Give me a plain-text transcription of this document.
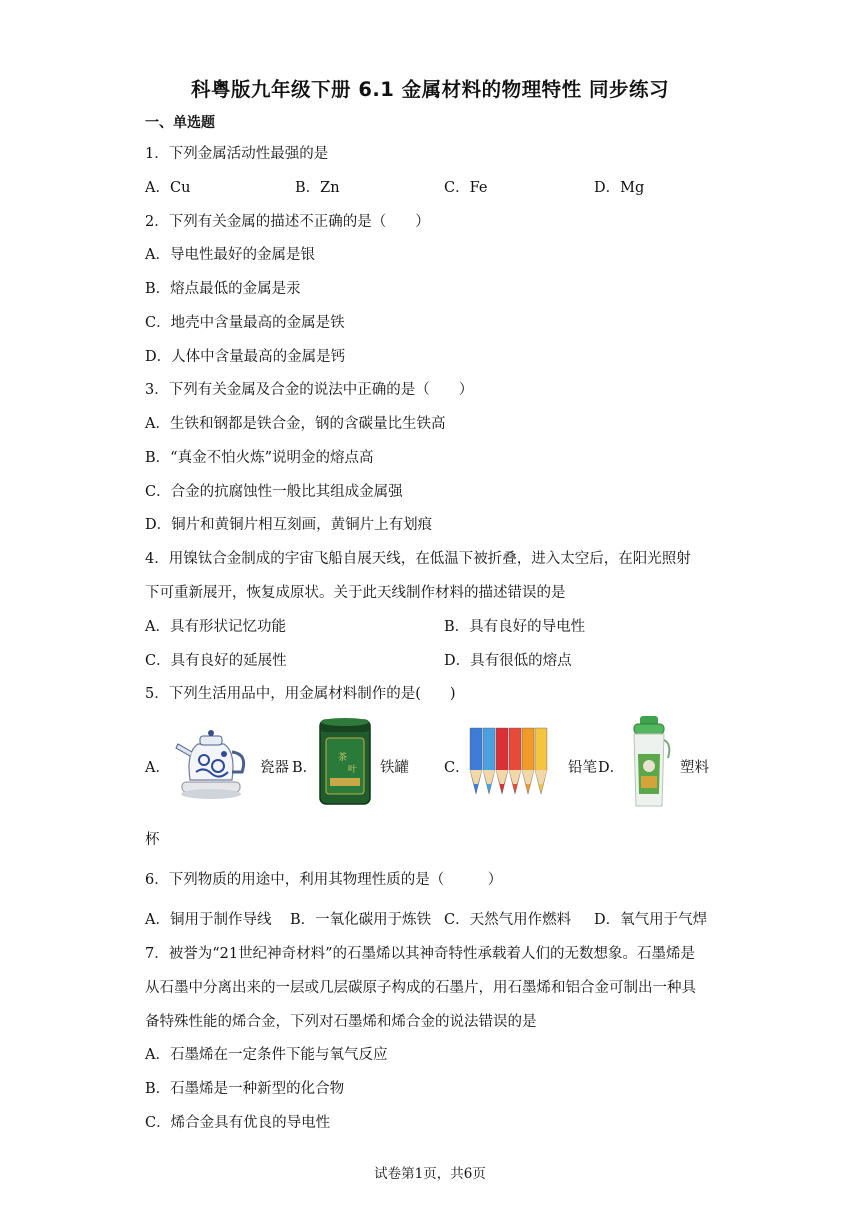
科粤版九年级下册 6.1 金属材料的物理特性 同步练习
一、单选题
1．下列金属活动性最强的是
A．Cu	B．Zn	C．Fe	D．Mg
2．下列有关金属的描述不正确的是（　　）
A．导电性最好的金属是银
B．熔点最低的金属是汞
C．地壳中含量最高的金属是铁
D．人体中含量最高的金属是钙
3．下列有关金属及合金的说法中正确的是（　　）
A．生铁和钢都是铁合金，钢的含碳量比生铁高
B．“真金不怕火炼”说明金的熔点高
C．合金的抗腐蚀性一般比其组成金属强
D．铜片和黄铜片相互刻画，黄铜片上有划痕
4．用镍钛合金制成的宇宙飞船自展天线，在低温下被折叠，进入太空后，在阳光照射
下可重新展开，恢复成原状。关于此天线制作材料的描述错误的是
A．具有形状记忆功能	B．具有良好的导电性
C．具有良好的延展性	D．具有很低的熔点
5．下列生活用品中，用金属材料制作的是(　　)
A．	瓷器 B．
茶
叶 铁罐 C．	铅笔 D．	塑料
杯
6．下列物质的用途中，利用其物理性质的是（　　　）
A．铜用于制作导线 B．一氧化碳用于炼铁 C．天然气用作燃料 D．氧气用于气焊
7．被誉为“21世纪神奇材料”的石墨烯以其神奇特性承载着人们的无数想象。石墨烯是
从石墨中分离出来的一层或几层碳原子构成的石墨片，用石墨烯和铝合金可制出一种具
备特殊性能的烯合金，下列对石墨烯和烯合金的说法错误的是
A．石墨烯在一定条件下能与氧气反应
B．石墨烯是一种新型的化合物
C．烯合金具有优良的导电性
试卷第1页，共6页
